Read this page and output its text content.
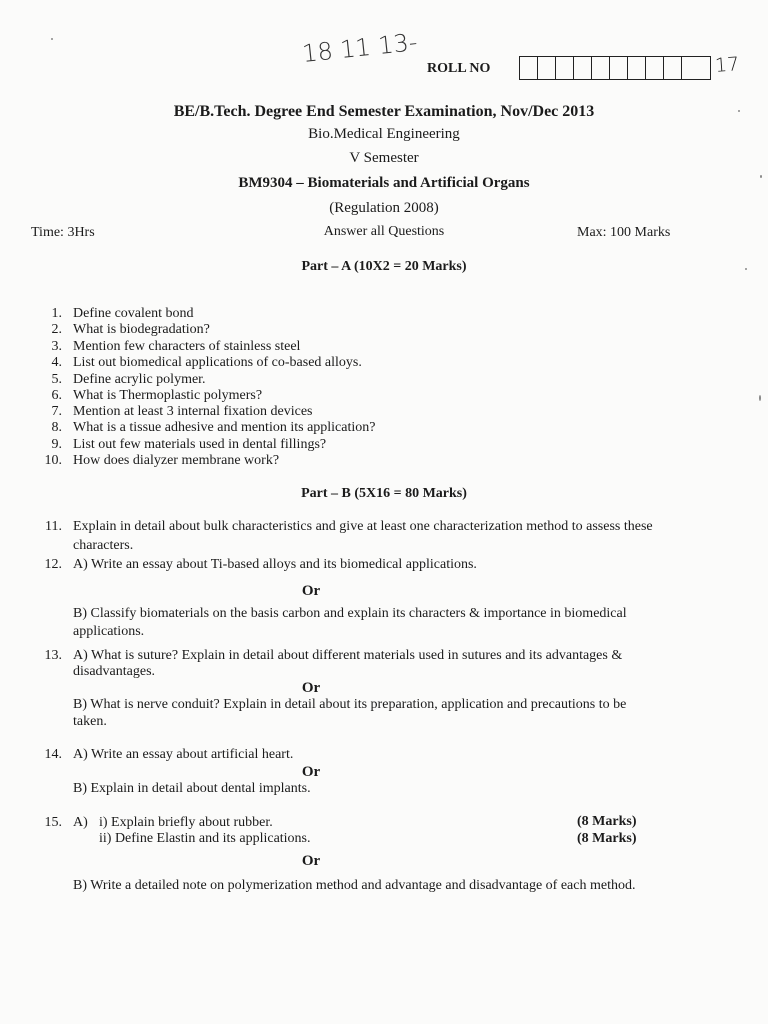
18 11 13-
ROLL NO	17
BE/B.Tech. Degree End Semester Examination, Nov/Dec 2013
Bio.Medical Engineering
V Semester
BM9304 – Biomaterials and Artificial Organs
(Regulation 2008)
Time: 3Hrs	Answer all Questions	Max: 100 Marks
Part – A (10X2 = 20 Marks)
1. Define covalent bond
2. What is biodegradation?
3. Mention few characters of stainless steel
4. List out biomedical applications of co-based alloys.
5. Define acrylic polymer.
6. What is Thermoplastic polymers?
7. Mention at least 3 internal fixation devices
8. What is a tissue adhesive and mention its application?
9. List out few materials used in dental fillings?
10. How does dialyzer membrane work?
Part – B (5X16 = 80 Marks)
11. Explain in detail about bulk characteristics and give at least one characterization method to assess these
characters.
12. A) Write an essay about Ti-based alloys and its biomedical applications.
Or
B) Classify biomaterials on the basis carbon and explain its characters & importance in biomedical
applications.
13. A) What is suture? Explain in detail about different materials used in sutures and its advantages &
disadvantages.
Or
B) What is nerve conduit? Explain in detail about its preparation, application and precautions to be
taken.
14. A) Write an essay about artificial heart.
Or
B) Explain in detail about dental implants.
15. A) i) Explain briefly about rubber.
ii) Define Elastin and its applications.
(8 Marks)
(8 Marks)
Or
B) Write a detailed note on polymerization method and advantage and disadvantage of each method.
